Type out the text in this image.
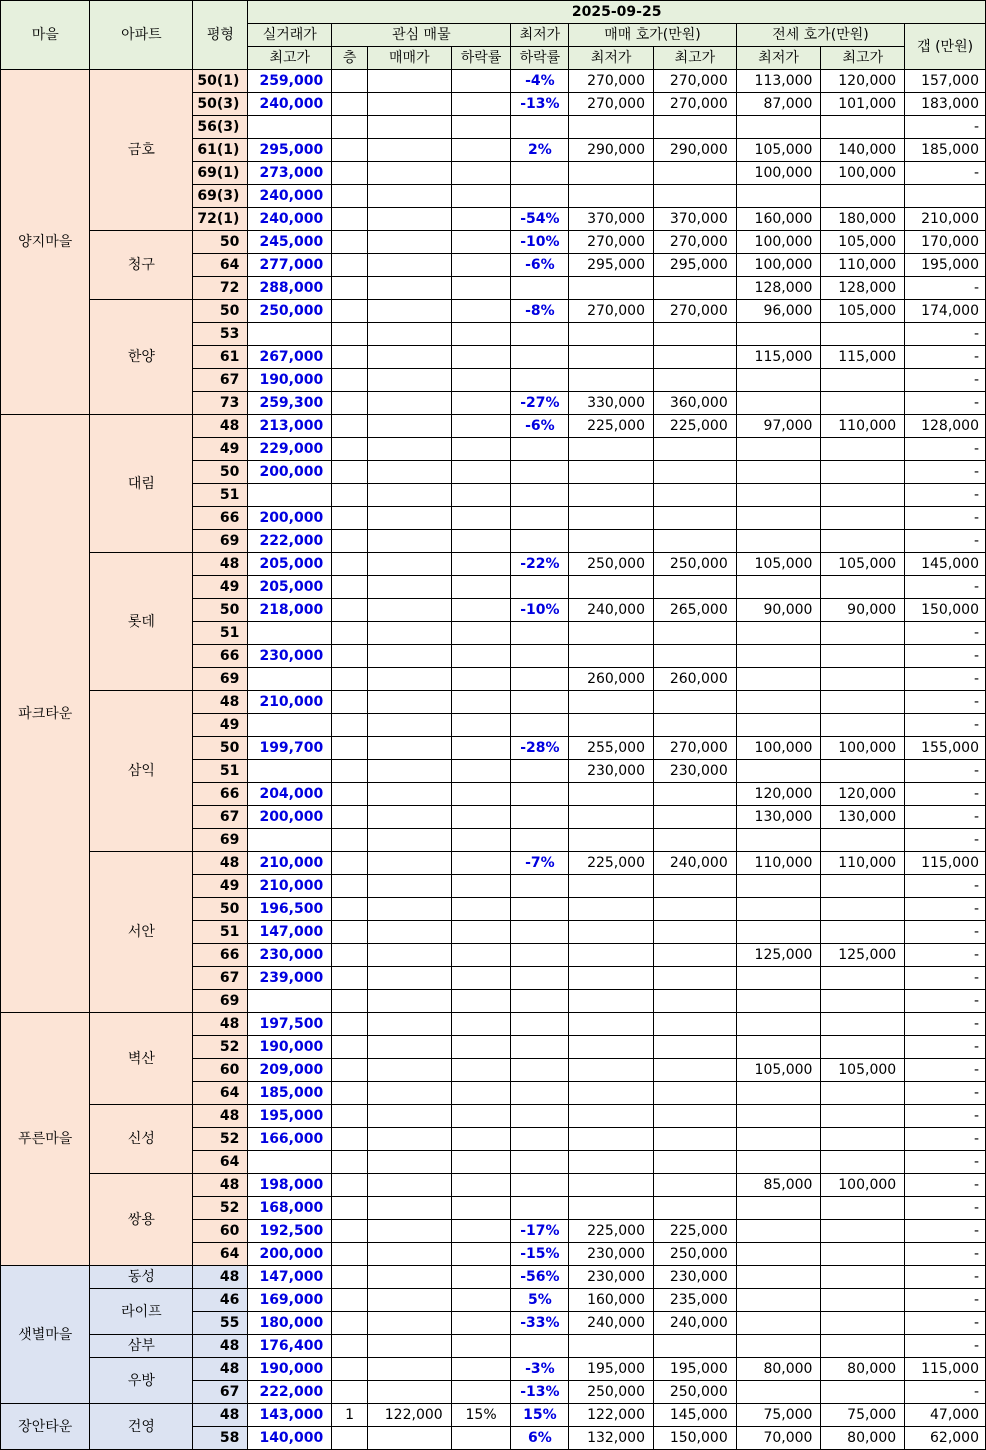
마을	아파트	평형	2025-09-25									
			실거래가	관심 매물			최저가	매매 호가(만원)		전세 호가(만원)		갭 (만원)
			최고가	층	매매가	하락률	하락률	최저가	최고가	최저가	최고가	
양지마을	금호	50(1)	259,000				-4%	270,000	270,000	113,000	120,000	157,000
		50(3)	240,000				-13%	270,000	270,000	87,000	101,000	183,000
		56(3)										-
		61(1)	295,000				2%	290,000	290,000	105,000	140,000	185,000
		69(1)	273,000							100,000	100,000	-
		69(3)	240,000									
		72(1)	240,000				-54%	370,000	370,000	160,000	180,000	210,000
	청구	50	245,000				-10%	270,000	270,000	100,000	105,000	170,000
		64	277,000				-6%	295,000	295,000	100,000	110,000	195,000
		72	288,000							128,000	128,000	-
	한양	50	250,000				-8%	270,000	270,000	96,000	105,000	174,000
		53										-
		61	267,000							115,000	115,000	-
		67	190,000									-
		73	259,300				-27%	330,000	360,000			-
파크타운	대림	48	213,000				-6%	225,000	225,000	97,000	110,000	128,000
		49	229,000									-
		50	200,000									-
		51										-
		66	200,000									-
		69	222,000									-
	롯데	48	205,000				-22%	250,000	250,000	105,000	105,000	145,000
		49	205,000									-
		50	218,000				-10%	240,000	265,000	90,000	90,000	150,000
		51										-
		66	230,000									-
		69						260,000	260,000			-
	삼익	48	210,000									-
		49										-
		50	199,700				-28%	255,000	270,000	100,000	100,000	155,000
		51						230,000	230,000			-
		66	204,000							120,000	120,000	-
		67	200,000							130,000	130,000	-
		69										-
	서안	48	210,000				-7%	225,000	240,000	110,000	110,000	115,000
		49	210,000									-
		50	196,500									-
		51	147,000									-
		66	230,000							125,000	125,000	-
		67	239,000									-
		69										-
푸른마을	벽산	48	197,500									-
		52	190,000									-
		60	209,000							105,000	105,000	-
		64	185,000									-
	신성	48	195,000									-
		52	166,000									-
		64										-
	쌍용	48	198,000							85,000	100,000	-
		52	168,000									-
		60	192,500				-17%	225,000	225,000			-
		64	200,000				-15%	230,000	250,000			-
샛별마을	동성	48	147,000				-56%	230,000	230,000			-
	라이프	46	169,000				5%	160,000	235,000			-
		55	180,000				-33%	240,000	240,000			-
	삼부	48	176,400									-
	우방	48	190,000				-3%	195,000	195,000	80,000	80,000	115,000
		67	222,000				-13%	250,000	250,000			-
장안타운	건영	48	143,000	1	122,000	15%	15%	122,000	145,000	75,000	75,000	47,000
		58	140,000				6%	132,000	150,000	70,000	80,000	62,000
